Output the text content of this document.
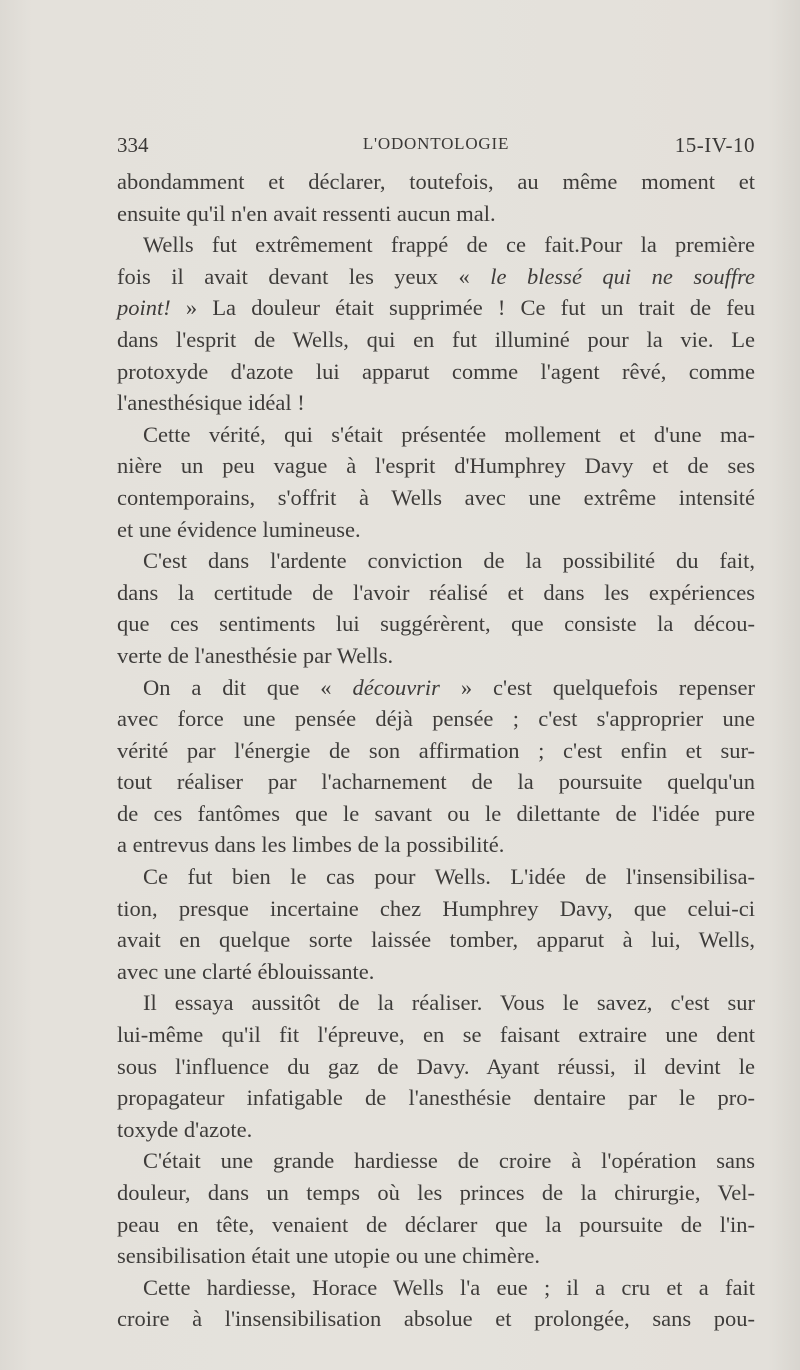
334	L'ODONTOLOGIE	15-IV-10
abondamment et déclarer, toutefois, au même moment et
ensuite qu'il n'en avait ressenti aucun mal.
Wells fut extrêmement frappé de ce fait.Pour la première
fois il avait devant les yeux « le blessé qui ne souffre
point! » La douleur était supprimée ! Ce fut un trait de feu
dans l'esprit de Wells, qui en fut illuminé pour la vie. Le
protoxyde d'azote lui apparut comme l'agent rêvé, comme
l'anesthésique idéal !
Cette vérité, qui s'était présentée mollement et d'une ma-
nière un peu vague à l'esprit d'Humphrey Davy et de ses
contemporains, s'offrit à Wells avec une extrême intensité
et une évidence lumineuse.
C'est dans l'ardente conviction de la possibilité du fait,
dans la certitude de l'avoir réalisé et dans les expériences
que ces sentiments lui suggérèrent, que consiste la décou-
verte de l'anesthésie par Wells.
On a dit que « découvrir » c'est quelquefois repenser
avec force une pensée déjà pensée ; c'est s'approprier une
vérité par l'énergie de son affirmation ; c'est enfin et sur-
tout réaliser par l'acharnement de la poursuite quelqu'un
de ces fantômes que le savant ou le dilettante de l'idée pure
a entrevus dans les limbes de la possibilité.
Ce fut bien le cas pour Wells. L'idée de l'insensibilisa-
tion, presque incertaine chez Humphrey Davy, que celui-ci
avait en quelque sorte laissée tomber, apparut à lui, Wells,
avec une clarté éblouissante.
Il essaya aussitôt de la réaliser. Vous le savez, c'est sur
lui-même qu'il fit l'épreuve, en se faisant extraire une dent
sous l'influence du gaz de Davy. Ayant réussi, il devint le
propagateur infatigable de l'anesthésie dentaire par le pro-
toxyde d'azote.
C'était une grande hardiesse de croire à l'opération sans
douleur, dans un temps où les princes de la chirurgie, Vel-
peau en tête, venaient de déclarer que la poursuite de l'in-
sensibilisation était une utopie ou une chimère.
Cette hardiesse, Horace Wells l'a eue ; il a cru et a fait
croire à l'insensibilisation absolue et prolongée, sans pou-
